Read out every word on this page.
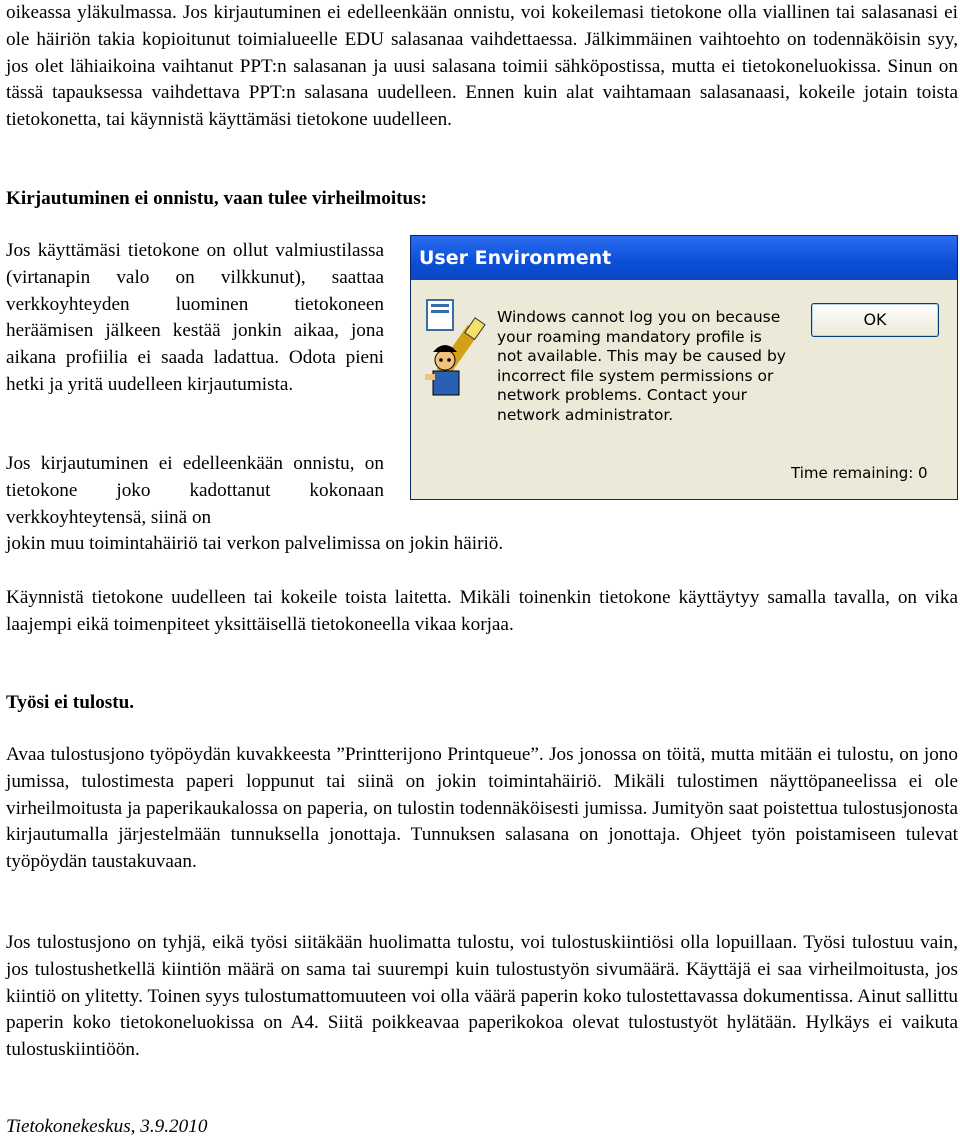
oikeassa yläkulmassa. Jos kirjautuminen ei edelleenkään onnistu, voi kokeilemasi tietokone olla viallinen tai salasanasi ei ole häiriön takia kopioitunut toimialueelle EDU salasanaa vaihdettaessa. Jälkimmäinen vaihtoehto on todennäköisin syy, jos olet lähiaikoina vaihtanut PPT:n salasanan ja uusi salasana toimii sähköpostissa, mutta ei tietokoneluokissa. Sinun on tässä tapauksessa vaihdettava PPT:n salasana uudelleen. Ennen kuin alat vaihtamaan salasanaasi, kokeile jotain toista tietokonetta, tai käynnistä käyttämäsi tietokone uudelleen.

Kirjautuminen ei onnistu, vaan tulee virheilmoitus:

Jos käyttämäsi tietokone on ollut valmiustilassa (virtanapin valo on vilkkunut), saattaa verkkoyhteyden luominen tietokoneen heräämisen jälkeen kestää jonkin aikaa, jona aikana profiilia ei saada ladattua. Odota pieni hetki ja yritä uudelleen kirjautumista.

Jos kirjautuminen ei edelleenkään onnistu, on tietokone joko kadottanut kokonaan verkkoyhteytensä, siinä on

jokin muu toimintahäiriö tai verkon palvelimissa on jokin häiriö.

Käynnistä tietokone uudelleen tai kokeile toista laitetta. Mikäli toinenkin tietokone käyttäytyy samalla tavalla, on vika laajempi eikä toimenpiteet yksittäisellä tietokoneella vikaa korjaa.

Työsi ei tulostu.

Avaa tulostusjono työpöydän kuvakkeesta ”Printterijono Printqueue”. Jos jonossa on töitä, mutta mitään ei tulostu, on jono jumissa, tulostimesta paperi loppunut tai siinä on jokin toimintahäiriö. Mikäli tulostimen näyttöpaneelissa ei ole virheilmoitusta ja paperikaukalossa on paperia, on tulostin todennäköisesti jumissa. Jumityön saat poistettua tulostusjonosta kirjautumalla järjestelmään tunnuksella jonottaja. Tunnuksen salasana on jonottaja. Ohjeet työn poistamiseen tulevat työpöydän taustakuvaan.

Jos tulostusjono on tyhjä, eikä työsi siitäkään huolimatta tulostu, voi tulostuskiintiösi olla lopuillaan. Työsi tulostuu vain, jos tulostushetkellä kiintiön määrä on sama tai suurempi kuin tulostustyön sivumäärä. Käyttäjä ei saa virheilmoitusta, jos kiintiö on ylitetty. Toinen syys tulostumattomuuteen voi olla väärä paperin koko tulostettavassa dokumentissa. Ainut sallittu paperin koko tietokoneluokissa on A4. Siitä poikkeavaa paperikokoa olevat tulostustyöt hylätään. Hylkäys ei vaikuta tulostuskiintiöön.

Tietokonekeskus, 3.9.2010

User Environment
Windows cannot log you on because your roaming mandatory profile is not available. This may be caused by incorrect file system permissions or network problems. Contact your network administrator.
OK
Time remaining: 0
